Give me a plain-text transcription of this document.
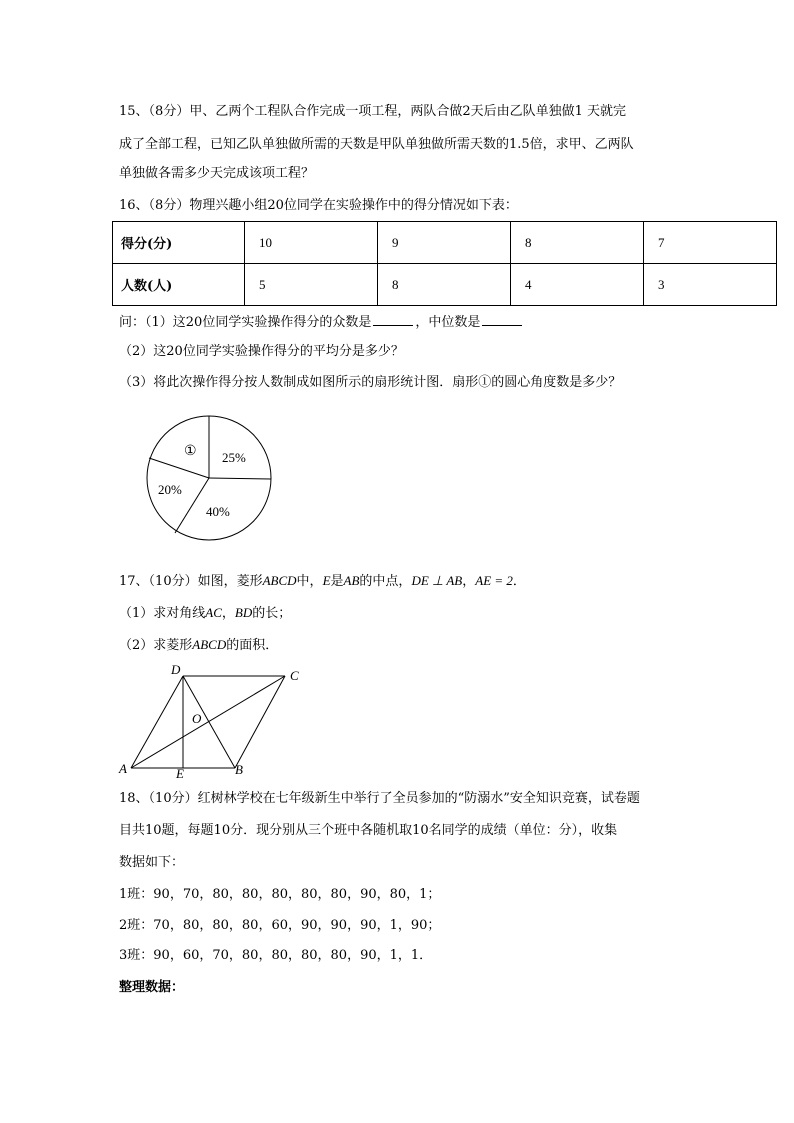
15、（8分）甲、乙两个工程队合作完成一项工程，两队合做2天后由乙队单独做1 天就完
成了全部工程，已知乙队单独做所需的天数是甲队单独做所需天数的1.5倍，求甲、乙两队
单独做各需多少天完成该项工程？
16、（8分）物理兴趣小组20位同学在实验操作中的得分情况如下表：
得分(分)	10	9	8	7
人数(人)	5	8	4	3
问：（1）这20位同学实验操作得分的众数是	，中位数是
（2）这20位同学实验操作得分的平均分是多少？
（3）将此次操作得分按人数制成如图所示的扇形统计图．扇形①的圆心角度数是多少？
① 25%
20%
40%
17、（10分）如图，菱形ABCD中，E是AB的中点，DE ⊥ AB，AE = 2．
（1）求对角线AC，BD的长；
（2）求菱形ABCD的面积．
D	C
A	B
E
O
18、（10分）红树林学校在七年级新生中举行了全员参加的“防溺水”安全知识竞赛，试卷题
目共10题，每题10分．现分别从三个班中各随机取10名同学的成绩（单位：分），收集
数据如下：
1班：90，70，80，80，80，80，80，90，80，1；
2班：70，80，80，80，60，90，90，90，1，90；
3班：90，60，70，80，80，80，80，90，1，1．
整理数据：
